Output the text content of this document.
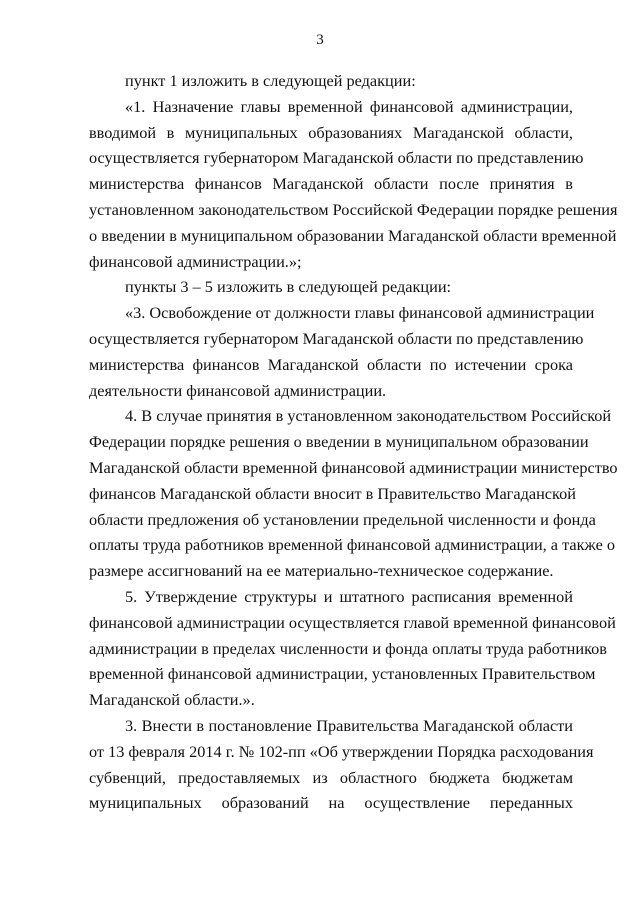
3
пункт 1 изложить в следующей редакции:
«1. Назначение главы временной финансовой администрации,
вводимой в муниципальных образованиях Магаданской области,
осуществляется губернатором Магаданской области по представлению
министерства финансов Магаданской области после принятия в
установленном законодательством Российской Федерации порядке решения
о введении в муниципальном образовании Магаданской области временной
финансовой администрации.»;
пункты 3 – 5 изложить в следующей редакции:
«3. Освобождение от должности главы финансовой администрации
осуществляется губернатором Магаданской области по представлению
министерства финансов Магаданской области по истечении срока
деятельности финансовой администрации.
4. В случае принятия в установленном законодательством Российской
Федерации порядке решения о введении в муниципальном образовании
Магаданской области временной финансовой администрации министерство
финансов Магаданской области вносит в Правительство Магаданской
области предложения об установлении предельной численности и фонда
оплаты труда работников временной финансовой администрации, а также о
размере ассигнований на ее материально-техническое содержание.
5. Утверждение структуры и штатного расписания временной
финансовой администрации осуществляется главой временной финансовой
администрации в пределах численности и фонда оплаты труда работников
временной финансовой администрации, установленных Правительством
Магаданской области.».
3. Внести в постановление Правительства Магаданской области
от 13 февраля 2014 г. № 102-пп «Об утверждении Порядка расходования
субвенций, предоставляемых из областного бюджета бюджетам
муниципальных образований на осуществление переданных
